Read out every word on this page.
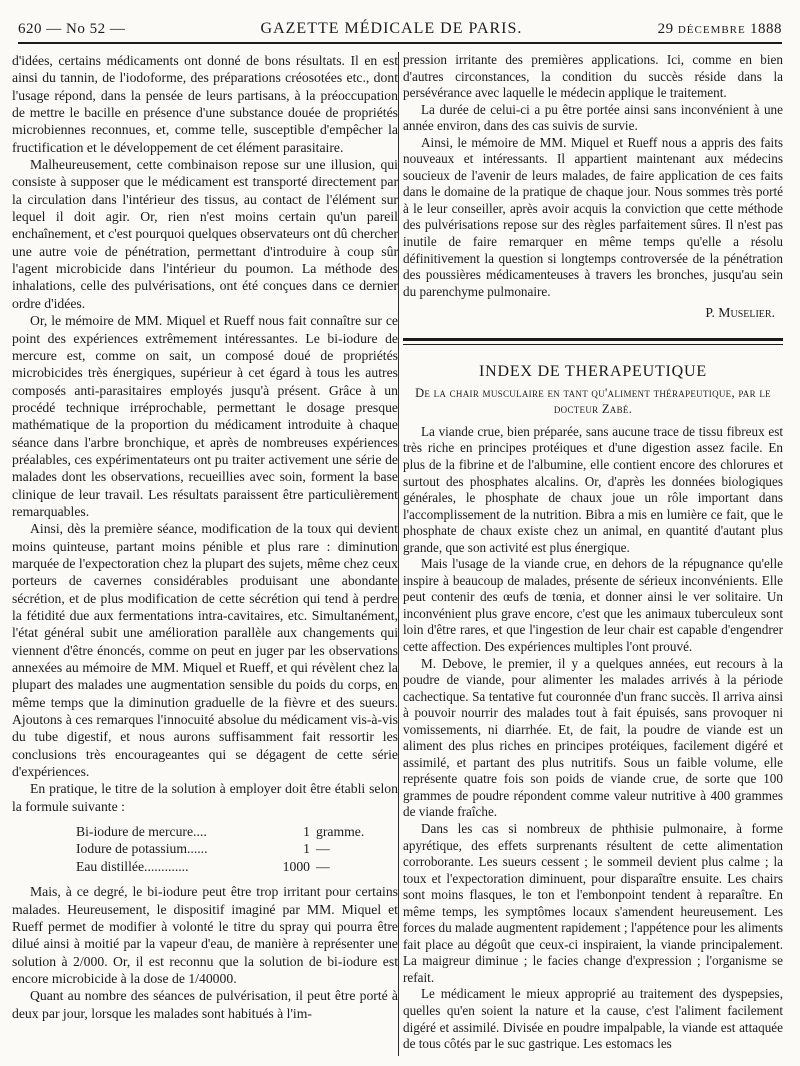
620 — No 52 —	GAZETTE MÉDICALE DE PARIS.	29 DÉCEMBRE 1888

d'idées, certains médicaments ont donné de bons résultats. Il en est ainsi du tannin, de l'iodoforme, des préparations créosotées etc., dont l'usage répond, dans la pensée de leurs partisans, à la préoccupation de mettre le bacille en présence d'une substance douée de propriétés microbiennes reconnues, et, comme telle, susceptible d'empêcher la fructification et le développement de cet élément parasitaire.

Malheureusement, cette combinaison repose sur une illusion, qui consiste à supposer que le médicament est transporté directement par la circulation dans l'intérieur des tissus, au contact de l'élément sur lequel il doit agir. Or, rien n'est moins certain qu'un pareil enchaînement, et c'est pourquoi quelques observateurs ont dû chercher une autre voie de pénétration, permettant d'introduire à coup sûr l'agent microbicide dans l'intérieur du poumon. La méthode des inhalations, celle des pulvérisations, ont été conçues dans ce dernier ordre d'idées.

Or, le mémoire de MM. Miquel et Rueff nous fait connaître sur ce point des expériences extrêmement intéressantes. Le bi-iodure de mercure est, comme on sait, un composé doué de propriétés microbicides très énergiques, supérieur à cet égard à tous les autres composés anti-parasitaires employés jusqu'à présent. Grâce à un procédé technique irréprochable, permettant le dosage presque mathématique de la proportion du médicament introduite à chaque séance dans l'arbre bronchique, et après de nombreuses expériences préalables, ces expérimentateurs ont pu traiter activement une série de malades dont les observations, recueillies avec soin, forment la base clinique de leur travail. Les résultats paraissent être particulièrement remarquables.

Ainsi, dès la première séance, modification de la toux qui devient moins quinteuse, partant moins pénible et plus rare : diminution marquée de l'expectoration chez la plupart des sujets, même chez ceux porteurs de cavernes considérables produisant une abondante sécrétion, et de plus modification de cette sécrétion qui tend à perdre la fétidité due aux fermentations intra-cavitaires, etc. Simultanément, l'état général subit une amélioration parallèle aux changements qui viennent d'être énoncés, comme on peut en juger par les observations annexées au mémoire de MM. Miquel et Rueff, et qui révèlent chez la plupart des malades une augmentation sensible du poids du corps, en même temps que la diminution graduelle de la fièvre et des sueurs. Ajoutons à ces remarques l'innocuité absolue du médicament vis-à-vis du tube digestif, et nous aurons suffisamment fait ressortir les conclusions très encourageantes qui se dégagent de cette série d'expériences.

En pratique, le titre de la solution à employer doit être établi selon la formule suivante :

Bi-iodure de mercure....	1 gramme.
Iodure de potassium......	1 —
Eau distillée.............	1000 —

Mais, à ce degré, le bi-iodure peut être trop irritant pour certains malades. Heureusement, le dispositif imaginé par MM. Miquel et Rueff permet de modifier à volonté le titre du spray qui pourra être dilué ainsi à moitié par la vapeur d'eau, de manière à représenter une solution à 2/000. Or, il est reconnu que la solution de bi-iodure est encore microbicide à la dose de 1/40000.

Quant au nombre des séances de pulvérisation, il peut être porté à deux par jour, lorsque les malades sont habitués à l'im-

pression irritante des premières applications. Ici, comme en bien d'autres circonstances, la condition du succès réside dans la persévérance avec laquelle le médecin applique le traitement.

La durée de celui-ci a pu être portée ainsi sans inconvénient à une année environ, dans des cas suivis de survie.

Ainsi, le mémoire de MM. Miquel et Rueff nous a appris des faits nouveaux et intéressants. Il appartient maintenant aux médecins soucieux de l'avenir de leurs malades, de faire application de ces faits dans le domaine de la pratique de chaque jour. Nous sommes très porté à le leur conseiller, après avoir acquis la conviction que cette méthode des pulvérisations repose sur des règles parfaitement sûres. Il n'est pas inutile de faire remarquer en même temps qu'elle a résolu définitivement la question si longtemps controversée de la pénétration des poussières médicamenteuses à travers les bronches, jusqu'au sein du parenchyme pulmonaire.

P. Muselier.
INDEX DE THERAPEUTIQUE
De la chair musculaire en tant qu'aliment thérapeutique, par le docteur Zabé.

La viande crue, bien préparée, sans aucune trace de tissu fibreux est très riche en principes protéiques et d'une digestion assez facile. En plus de la fibrine et de l'albumine, elle contient encore des chlorures et surtout des phosphates alcalins. Or, d'après les données biologiques générales, le phosphate de chaux joue un rôle important dans l'accomplissement de la nutrition. Bibra a mis en lumière ce fait, que le phosphate de chaux existe chez un animal, en quantité d'autant plus grande, que son activité est plus énergique.

Mais l'usage de la viande crue, en dehors de la répugnance qu'elle inspire à beaucoup de malades, présente de sérieux inconvénients. Elle peut contenir des œufs de tœnia, et donner ainsi le ver solitaire. Un inconvénient plus grave encore, c'est que les animaux tuberculeux sont loin d'être rares, et que l'ingestion de leur chair est capable d'engendrer cette affection. Des expériences multiples l'ont prouvé.

M. Debove, le premier, il y a quelques années, eut recours à la poudre de viande, pour alimenter les malades arrivés à la période cachectique. Sa tentative fut couronnée d'un franc succès. Il arriva ainsi à pouvoir nourrir des malades tout à fait épuisés, sans provoquer ni vomissements, ni diarrhée. Et, de fait, la poudre de viande est un aliment des plus riches en principes protéiques, facilement digéré et assimilé, et partant des plus nutritifs. Sous un faible volume, elle représente quatre fois son poids de viande crue, de sorte que 100 grammes de poudre répondent comme valeur nutritive à 400 grammes de viande fraîche.

Dans les cas si nombreux de phthisie pulmonaire, à forme apyrétique, des effets surprenants résultent de cette alimentation corroborante. Les sueurs cessent ; le sommeil devient plus calme ; la toux et l'expectoration diminuent, pour disparaître ensuite. Les chairs sont moins flasques, le ton et l'embonpoint tendent à reparaître. En même temps, les symptômes locaux s'amendent heureusement. Les forces du malade augmentent rapidement ; l'appétence pour les aliments fait place au dégoût que ceux-ci inspiraient, la viande principalement. La maigreur diminue ; le facies change d'expression ; l'organisme se refait.

Le médicament le mieux approprié au traitement des dyspepsies, quelles qu'en soient la nature et la cause, c'est l'aliment facilement digéré et assimilé. Divisée en poudre impalpable, la viande est attaquée de tous côtés par le suc gastrique. Les estomacs les
